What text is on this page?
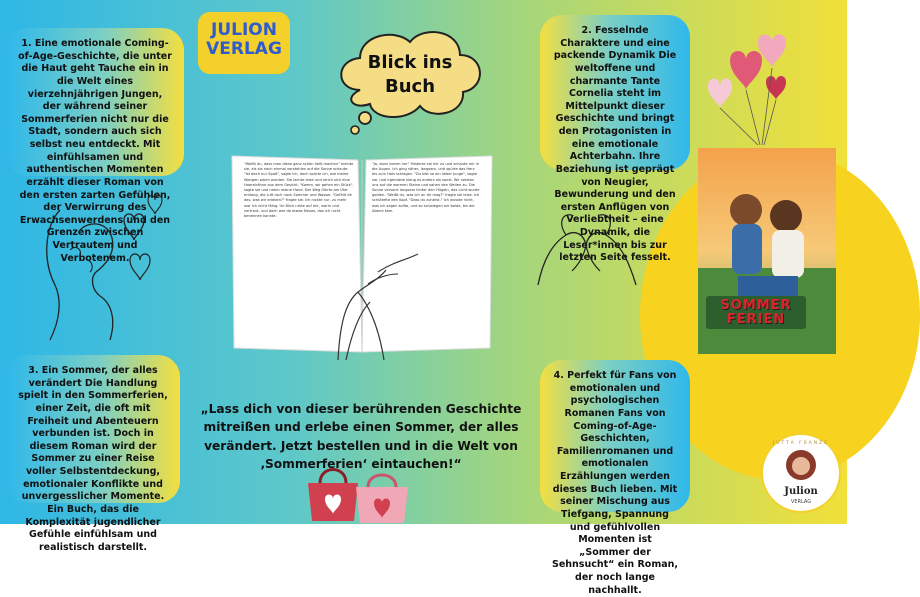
JULION
VERLAG
Blick ins Buch
1. Eine emotionale Coming-of-Age-Geschichte, die unter die Haut geht Tauche ein in die Welt eines vierzehnjährigen Jungen, der während seiner Sommerferien nicht nur die Stadt, sondern auch sich selbst neu entdeckt. Mit einfühlsamen und authentischen Momenten erzählt dieser Roman von den ersten zarten Gefühlen, der Verwirrung des Erwachsenwerdens und den Grenzen zwischen Vertrautem und Verbotenem.
2. Fesselnde Charaktere und eine packende Dynamik Die weltoffene und charmante Tante Cornelia steht im Mittelpunkt dieser Geschichte und bringt den Protagonisten in eine emotionale Achterbahn. Ihre Beziehung ist geprägt von Neugier, Bewunderung und den ersten Anflügen von Verliebtheit – eine Dynamik, die Leser*innen bis zur letzten Seite fesselt.
3. Ein Sommer, der alles verändert Die Handlung spielt in den Sommerferien, einer Zeit, die oft mit Freiheit und Abenteuern verbunden ist. Doch in diesem Roman wird der Sommer zu einer Reise voller Selbstentdeckung, emotionaler Konflikte und unvergesslicher Momente. Ein Buch, das die Komplexität jugendlicher Gefühle einfühlsam und realistisch darstellt.
4. Perfekt für Fans von emotionalen und psychologischen Romanen Fans von Coming-of-Age-Geschichten, Familienromanen und emotionalen Erzählungen werden dieses Buch lieben. Mit seiner Mischung aus Tiefgang, Spannung und gefühlvollen Momenten ist „Sommer der Sehnsucht“ ein Roman, der noch lange nachhallt.
"Weißt du, dass man diese ganz schön heiß machen" meinte sie, als sie noch einmal verstohlen auf die Sonne schaute. "Ist doch nur Spaß", sagte ich, doch spürte ich, wie meine Wangen warm wurden. Sie lachte leise und strich sich eine Haarsträhne aus dem Gesicht. "Komm, wir gehen ein Stück", sagte sie und nahm meine Hand. Der Weg führte am Ufer entlang, die Luft roch nach Sommer und Wasser. "Gefällt dir das, was wir erleben?" fragte sie. Ich nickte nur, zu mehr war ich nicht fähig. Ihr Blick ruhte auf mir, warm und vertraut, und doch war da etwas Neues, das ich nicht benennen konnte.
"Ja, dann komm her" flüsterte sie mir zu und schaute mir in die Augen. Ich ging näher, langsam, und spürte das Herz bis zum Hals schlagen. "Du bist so ein lieber Junge", sagte sie, und irgendwie klang es anders als sonst. Wir setzten uns auf die warmen Steine und sahen den Wellen zu. Die Sonne versank langsam hinter den Hügeln, das Licht wurde golden. "Weißt du, was ich an dir mag?" fragte sie leise. Ich schüttelte den Kopf. "Dass du zuhörst." Ich wusste nicht, was ich sagen sollte, und so schwiegen wir beide, bis der Abend kam.
SOMMER
FERIEN
„Lass dich von dieser berührenden Geschichte mitreißen und erlebe einen Sommer, der alles verändert. Jetzt bestellen und in die Welt von ‚Sommerferien‘ eintauchen!“
JUTTA FRANZE
Julion
VERLAG
